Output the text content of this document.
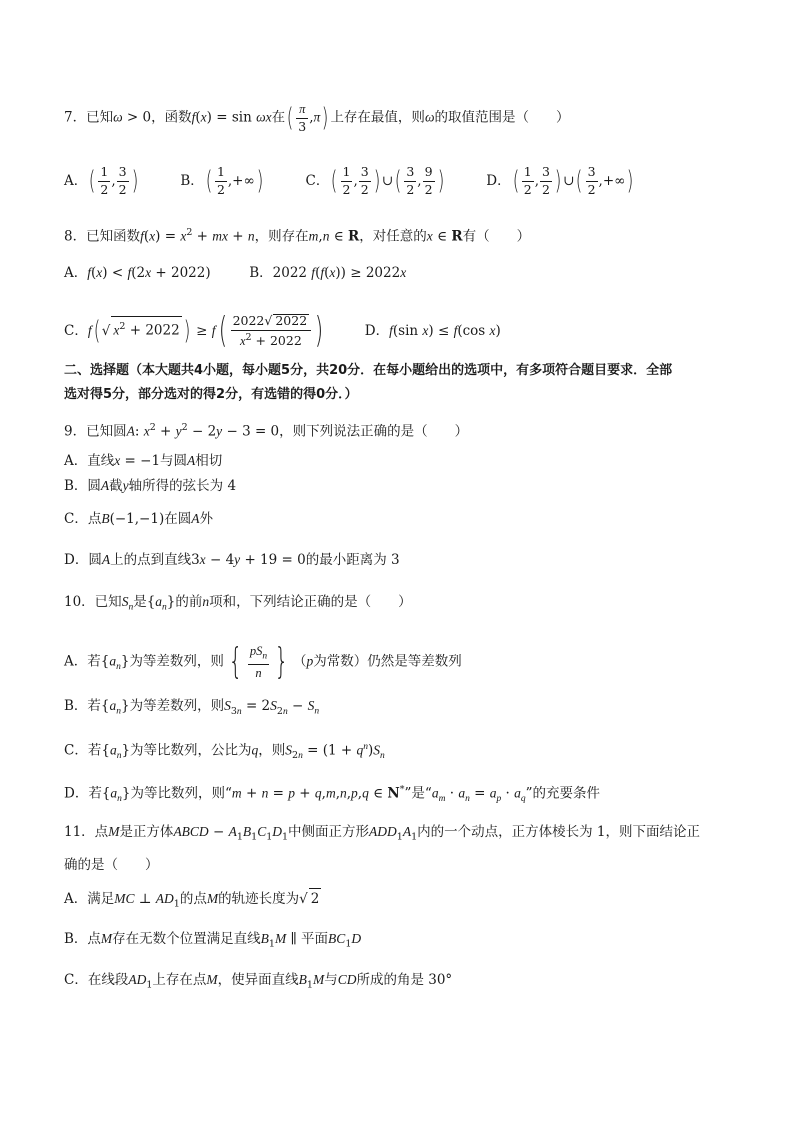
7．已知ω > 0，函数f(x) = sin ωx在( $\frac{\pi}{3} ,\pi$) 上存在最值，则ω的取值范围是（　　）
A．( $\frac{1}{2}$ , $\frac{3}{2}$ )	B．( $\frac{1}{2}$ ,+∞)	C．( $\frac{1}{2}$ , $\frac{3}{2}$ ) ∪( $\frac{3}{2}$ , $\frac{9}{2}$ )	D．( $\frac{1}{2}$ , $\frac{3}{2}$ ) ∪( $\frac{3}{2}$ ,+∞)
8．已知函数$f(x) = x^2$ + mx + n，则存在m,n ∈ R，对任意的x ∈ R有（　　）
A．f(x) < f(2x + 2022)	B．2022 f(f(x)) ≥ 2022x
C．f( √ $x^2 + 2022$ ) ≥ $f( \frac{2022√ 2022}{x^2 + 2022}$ )	D．f(sin x) ≤ f(cos x)
二、选择题（本大题共4小题，每小题5分，共20分．在每小题给出的选项中，有多项符合题目要求．全部
选对得5分，部分选对的得2分，有选错的得0分．）
9．已知圆A: $x^2 + y^2 - 2y - 3 = 0$，则下列说法正确的是（　　）
A．直线x = −1与圆A相切
B．圆A截y轴所得的弦长为 4
C．点B(−1,−1)在圆A外
D．圆A上的点到直线3x − 4y + 19 = 0的最小距离为 3
10．已知$S_n$是$\{a_n\}$的前n项和，下列结论正确的是（　　）
A．若$\{a_n\}$为等差数列，则 { $\frac{pS_n}{n}$ } （p为常数）仍然是等差数列
B．若$\{a_n\}$为等差数列，则$S_{3n} = 2S_{2n} - S_n$
C．若$\{a_n\}$为等比数列，公比为q，则$S_{2n} = (1 + q^n)S_n$
D．若$\{a_n\}$为等比数列，则“m + n = p + q,m,n,p,q ∈ N*”是“$a_m \cdot a_n = a_p \cdot a_q$”的充要条件
11．点M是正方体ABCD − $A_1B_1C_1D_1$中侧面正方形$ADD_1A_1$内的一个动点，正方体棱长为 1，则下面结论正
确的是（　　）
A．满足MC ⊥ $AD_1$的点M的轨迹长度为√ 2
B．点M存在无数个位置满足直线$B_1M$ ∥ 平面$BC_1D$
C．在线段$AD_1$上存在点M，使异面直线$B_1M$与CD所成的角是 30°
